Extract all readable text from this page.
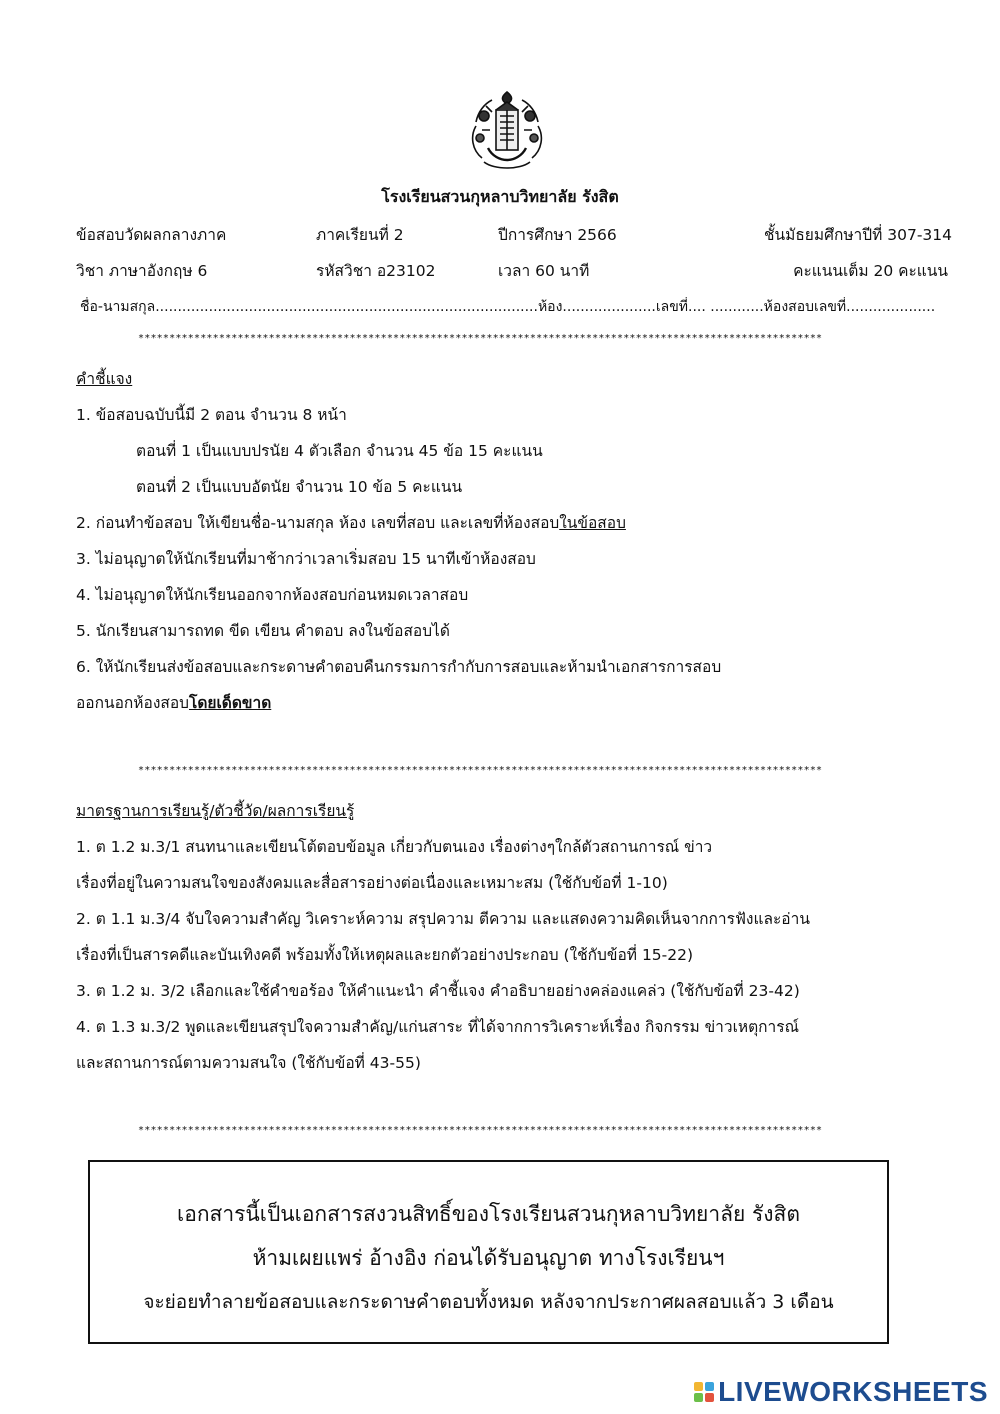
โรงเรียนสวนกุหลาบวิทยาลัย รังสิต
ข้อสอบวัดผลกลางภาค	ภาคเรียนที่ 2	ปีการศึกษา 2566	ชั้นมัธยมศึกษาปีที่ 307-314
วิชา ภาษาอังกฤษ 6	รหัสวิชา อ23102	เวลา 60 นาที	คะแนนเต็ม 20 คะแนน
ชื่อ-นามสกุล......................................................................................ห้อง.....................เลขที่.... ............ห้องสอบเลขที่....................
**************************************************************************************************************
คำชี้แจง
1. ข้อสอบฉบับนี้มี 2 ตอน จำนวน 8 หน้า
ตอนที่ 1 เป็นแบบปรนัย 4 ตัวเลือก จำนวน 45 ข้อ 15 คะแนน
ตอนที่ 2 เป็นแบบอัตนัย จำนวน 10 ข้อ 5 คะแนน
2. ก่อนทำข้อสอบ ให้เขียนชื่อ-นามสกุล ห้อง เลขที่สอบ และเลขที่ห้องสอบในข้อสอบ
3. ไม่อนุญาตให้นักเรียนที่มาช้ากว่าเวลาเริ่มสอบ 15 นาทีเข้าห้องสอบ
4. ไม่อนุญาตให้นักเรียนออกจากห้องสอบก่อนหมดเวลาสอบ
5. นักเรียนสามารถทด ขีด เขียน คำตอบ ลงในข้อสอบได้
6. ให้นักเรียนส่งข้อสอบและกระดาษคำตอบคืนกรรมการกำกับการสอบและห้ามนำเอกสารการสอบ
ออกนอกห้องสอบโดยเด็ดขาด
**************************************************************************************************************
มาตรฐานการเรียนรู้/ตัวชี้วัด/ผลการเรียนรู้
1. ต 1.2 ม.3/1 สนทนาและเขียนโต้ตอบข้อมูล เกี่ยวกับตนเอง เรื่องต่างๆใกล้ตัวสถานการณ์ ข่าว
เรื่องที่อยู่ในความสนใจของสังคมและสื่อสารอย่างต่อเนื่องและเหมาะสม (ใช้กับข้อที่ 1-10)
2. ต 1.1 ม.3/4 จับใจความสำคัญ วิเคราะห์ความ สรุปความ ตีความ และแสดงความคิดเห็นจากการฟังและอ่าน
เรื่องที่เป็นสารคดีและบันเทิงคดี พร้อมทั้งให้เหตุผลและยกตัวอย่างประกอบ (ใช้กับข้อที่ 15-22)
3. ต 1.2 ม. 3/2 เลือกและใช้คำขอร้อง ให้คำแนะนำ คำชี้แจง คำอธิบายอย่างคล่องแคล่ว (ใช้กับข้อที่ 23-42)
4. ต 1.3 ม.3/2 พูดและเขียนสรุปใจความสำคัญ/แก่นสาระ ที่ได้จากการวิเคราะห์เรื่อง กิจกรรม ข่าวเหตุการณ์
และสถานการณ์ตามความสนใจ (ใช้กับข้อที่ 43-55)
**************************************************************************************************************
เอกสารนี้เป็นเอกสารสงวนสิทธิ์ของโรงเรียนสวนกุหลาบวิทยาลัย รังสิต
ห้ามเผยแพร่ อ้างอิง ก่อนได้รับอนุญาต ทางโรงเรียนฯ
จะย่อยทำลายข้อสอบและกระดาษคำตอบทั้งหมด หลังจากประกาศผลสอบแล้ว 3 เดือน
LIVEWORKSHEETS
